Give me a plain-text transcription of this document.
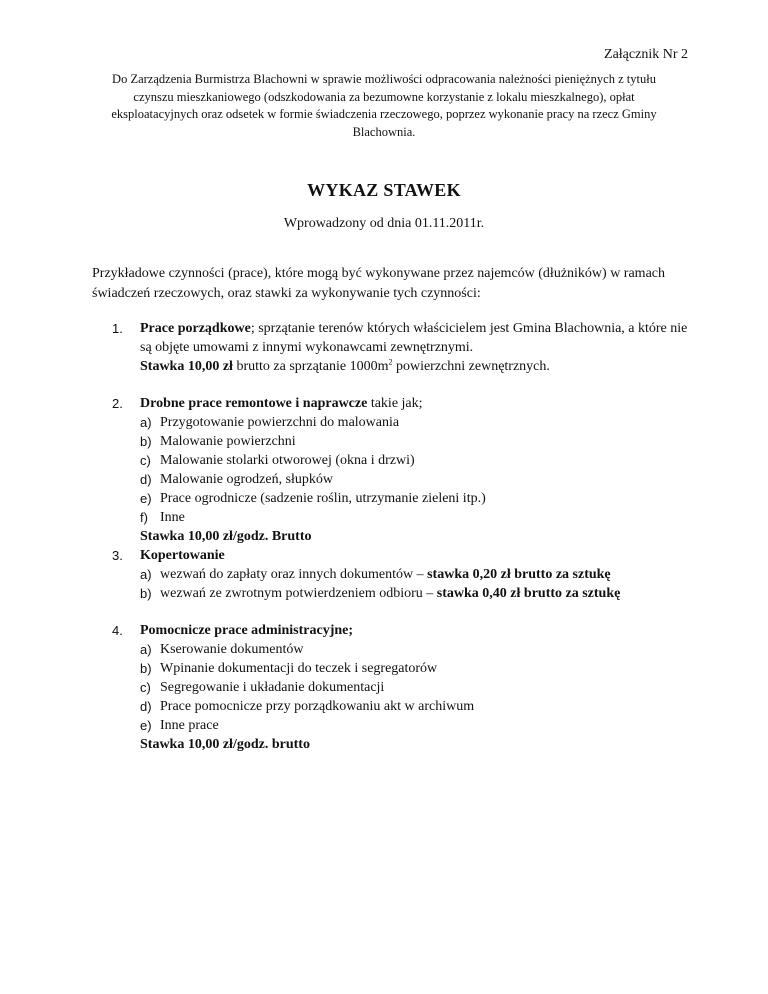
Załącznik Nr 2
Do Zarządzenia Burmistrza Blachowni w sprawie możliwości odpracowania należności pieniężnych z tytułu czynszu mieszkaniowego (odszkodowania za bezumowne korzystanie z lokalu mieszkalnego), opłat eksploatacyjnych oraz odsetek w formie świadczenia rzeczowego, poprzez wykonanie pracy na rzecz Gminy Blachownia.
WYKAZ STAWEK
Wprowadzony od dnia 01.11.2011r.
Przykładowe czynności (prace), które mogą być wykonywane przez najemców (dłużników) w ramach świadczeń rzeczowych, oraz stawki za wykonywanie tych czynności:
1. Prace porządkowe; sprzątanie terenów których właścicielem jest Gmina Blachownia, a które nie są objęte umowami z innymi wykonawcami zewnętrznymi.
Stawka 10,00 zł brutto za sprzątanie $1000m^2$ powierzchni zewnętrznych.
2. Drobne prace remontowe i naprawcze takie jak;
a) Przygotowanie powierzchni do malowania
b) Malowanie powierzchni
c) Malowanie stolarki otworowej (okna i drzwi)
d) Malowanie ogrodzeń, słupków
e) Prace ogrodnicze (sadzenie roślin, utrzymanie zieleni itp.)
f) Inne
Stawka 10,00 zł/godz. Brutto
3. Kopertowanie
a) wezwań do zapłaty oraz innych dokumentów – stawka 0,20 zł brutto za sztukę
b) wezwań ze zwrotnym potwierdzeniem odbioru – stawka 0,40 zł brutto za sztukę
4. Pomocnicze prace administracyjne;
a) Kserowanie dokumentów
b) Wpinanie dokumentacji do teczek i segregatorów
c) Segregowanie i układanie dokumentacji
d) Prace pomocnicze przy porządkowaniu akt w archiwum
e) Inne prace
Stawka 10,00 zł/godz. brutto
